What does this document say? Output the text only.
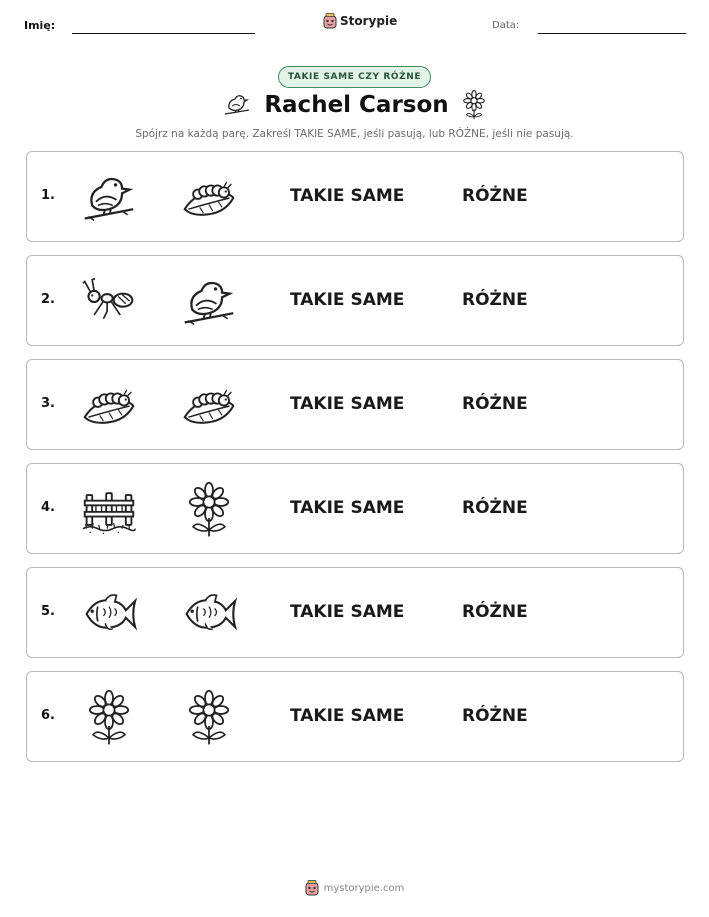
Imię:	Storypie	Data:
TAKIE SAME CZY RÓŻNE
Rachel Carson
Spójrz na każdą parę. Zakreśl TAKIE SAME, jeśli pasują, lub RÓŻNE, jeśli nie pasują.
1.	TAKIE SAME	RÓŻNE
2.	TAKIE SAME	RÓŻNE
3.	TAKIE SAME	RÓŻNE
4.	TAKIE SAME	RÓŻNE
5.	TAKIE SAME	RÓŻNE
6.	TAKIE SAME	RÓŻNE
mystorypie.com
